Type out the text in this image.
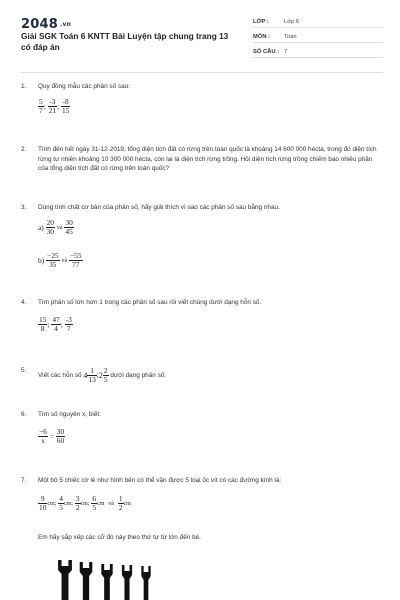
2048 .vn
Giải SGK Toán 6 KNTT Bài Luyện tập chung trang 13 có đáp án
LỚP :	Lớp 6
MÔN : Toán
SỐ CÂU : 7
1. Quy đồng mẫu các phân số sau:
$\frac{5}{7}$ ; $\frac{-3}{21}$ ; $\frac{-8}{15}$
2. Tính đến hết ngày 31-12-2019, tổng diện tích đất có rừng trên toàn quốc là khoảng 14 600 000 hécta, trong đó diện tích rừng tự nhiên khoảng 10 300 000 hécta, còn lại là diện tích rừng trồng. Hỏi diện tích rừng trồng chiếm bao nhiêu phần của tổng diện tích đất có rừng trên toàn quốc?
3. Dùng tính chất cơ bản của phân số, hãy giải thích vì sao các phân số sau bằng nhau.
$a) \frac{20}{30}$ và $\frac{30}{45}$
$b) \frac{-25}{35}$ và $\frac{-55}{77}$
4. Tìm phân số lớn hơn 1 trong các phân số sau rồi viết chúng dưới dạng hỗn số.
$\frac{15}{8}$ ; $\frac{47}{4}$ ; $\frac{-3}{7}$
5.
Viết các hỗn số $4 \frac{1}{13}$ ;2 $\frac{2}{5}$ dưới dạng phân số.
6. Tìm số nguyên x, biết:
$\frac{-6}{x} = \frac{30}{60}$
7. Một bộ 5 chiếc cờ lê như hình bên có thể vặn được 5 loại ốc vít có các đường kính là:
$\frac{9}{10}$ cm; $\frac{4}{5}$ cm; $\frac{3}{2}$ cm; $\frac{6}{5}$ cm và $\frac{1}{2}$ cm
Em hãy sắp xếp các cỡ đó này theo thứ tự từ lớn đến bé.
